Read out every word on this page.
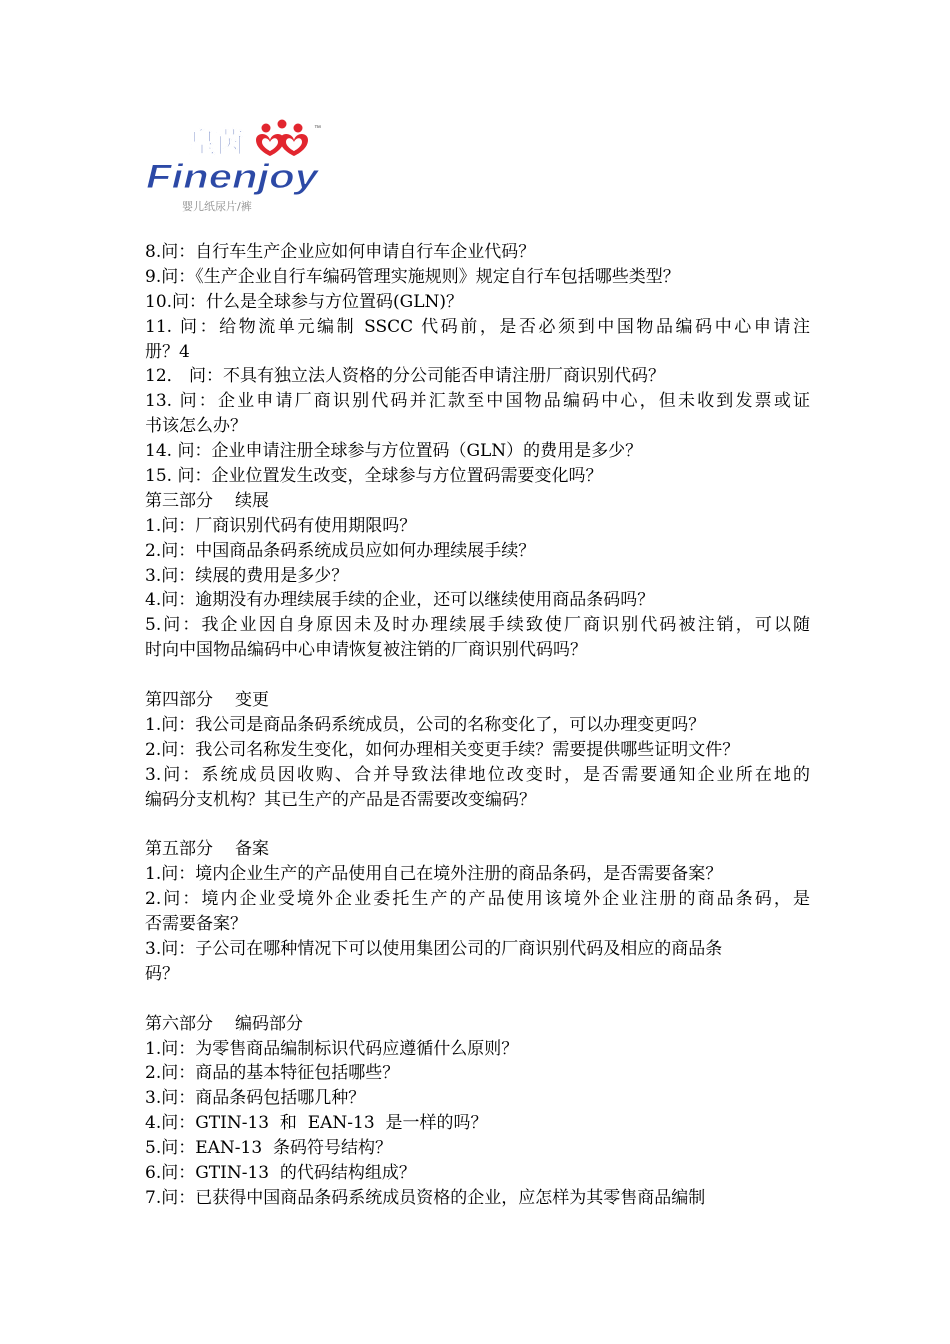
™
皇茵
Finenjoy
婴儿纸尿片/裤
8.问：自行车生产企业应如何申请自行车企业代码？
9.问：《生产企业自行车编码管理实施规则》规定自行车包括哪些类型？
10.问：什么是全球参与方位置码(GLN)？
11. 问：给物流单元编制 SSCC 代码前，是否必须到中国物品编码中心申请注
册？4
12． 问：不具有独立法人资格的分公司能否申请注册厂商识别代码？
13. 问：企业申请厂商识别代码并汇款至中国物品编码中心，但未收到发票或证
书该怎么办？
14. 问：企业申请注册全球参与方位置码（GLN）的费用是多少？
15. 问：企业位置发生改变，全球参与方位置码需要变化吗？
第三部分 续展
1.问：厂商识别代码有使用期限吗？
2.问：中国商品条码系统成员应如何办理续展手续？
3.问：续展的费用是多少？
4.问：逾期没有办理续展手续的企业，还可以继续使用商品条码吗？
5.问：我企业因自身原因未及时办理续展手续致使厂商识别代码被注销，可以随
时向中国物品编码中心申请恢复被注销的厂商识别代码吗？
第四部分 变更
1.问：我公司是商品条码系统成员，公司的名称变化了，可以办理变更吗？
2.问：我公司名称发生变化，如何办理相关变更手续？需要提供哪些证明文件？
3.问：系统成员因收购、合并导致法律地位改变时，是否需要通知企业所在地的
编码分支机构？其已生产的产品是否需要改变编码？
第五部分 备案
1.问：境内企业生产的产品使用自己在境外注册的商品条码，是否需要备案？
2.问：境内企业受境外企业委托生产的产品使用该境外企业注册的商品条码，是
否需要备案？
3.问：子公司在哪种情况下可以使用集团公司的厂商识别代码及相应的商品条
码？
第六部分 编码部分
1.问：为零售商品编制标识代码应遵循什么原则？
2.问：商品的基本特征包括哪些？
3.问：商品条码包括哪几种？
4.问：GTIN-13  和  EAN-13  是一样的吗？
5.问：EAN-13  条码符号结构？
6.问：GTIN-13  的代码结构组成？
7.问：已获得中国商品条码系统成员资格的企业，应怎样为其零售商品编制
